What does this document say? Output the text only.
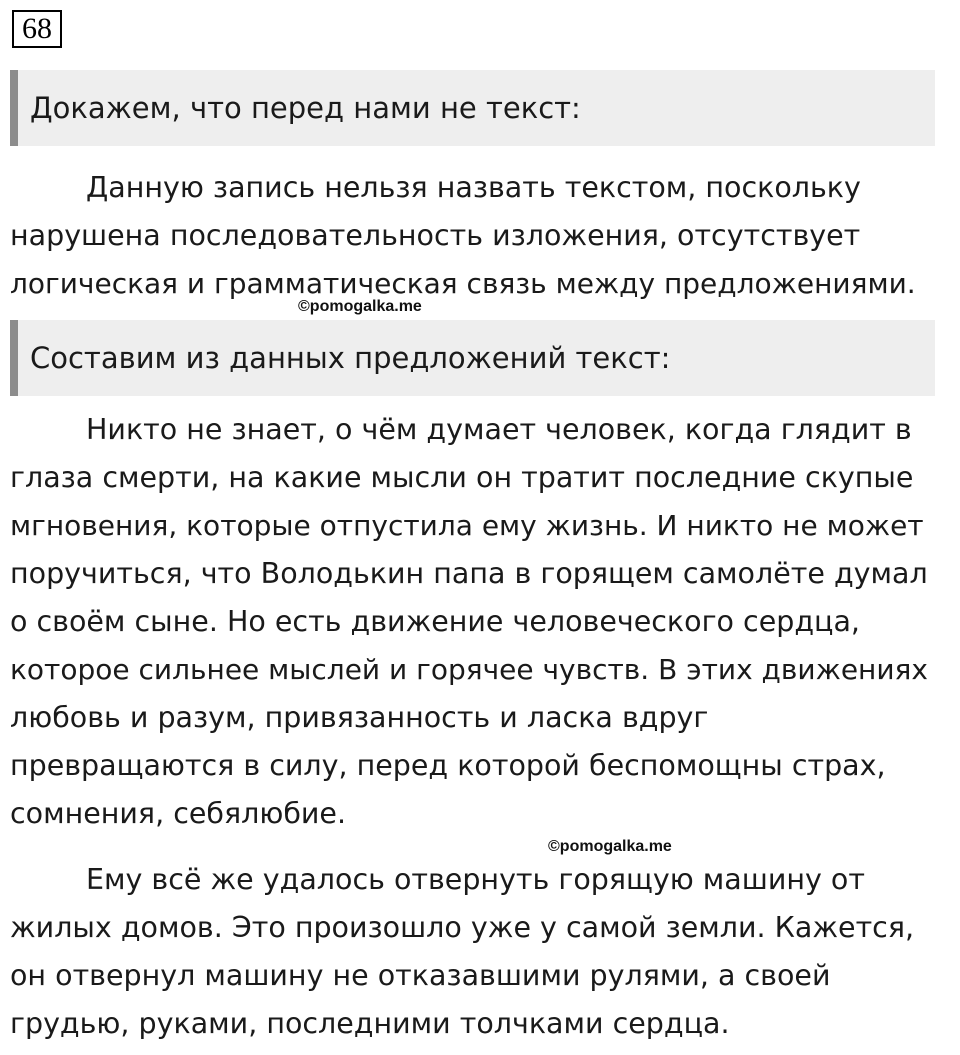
68
Докажем, что перед нами не текст:
Данную запись нельзя назвать текстом, поскольку
нарушена последовательность изложения, отсутствует
логическая и грамматическая связь между предложениями.
©pomogalka.me
Составим из данных предложений текст:
Никто не знает, о чём думает человек, когда глядит в
глаза смерти, на какие мысли он тратит последние скупые
мгновения, которые отпустила ему жизнь. И никто не может
поручиться, что Володькин папа в горящем самолёте думал
о своём сыне. Но есть движение человеческого сердца,
которое сильнее мыслей и горячее чувств. В этих движениях
любовь и разум, привязанность и ласка вдруг
превращаются в силу, перед которой беспомощны страх,
сомнения, себялюбие.
©pomogalka.me
Ему всё же удалось отвернуть горящую машину от
жилых домов. Это произошло уже у самой земли. Кажется,
он отвернул машину не отказавшими рулями, а своей
грудью, руками, последними толчками сердца.
